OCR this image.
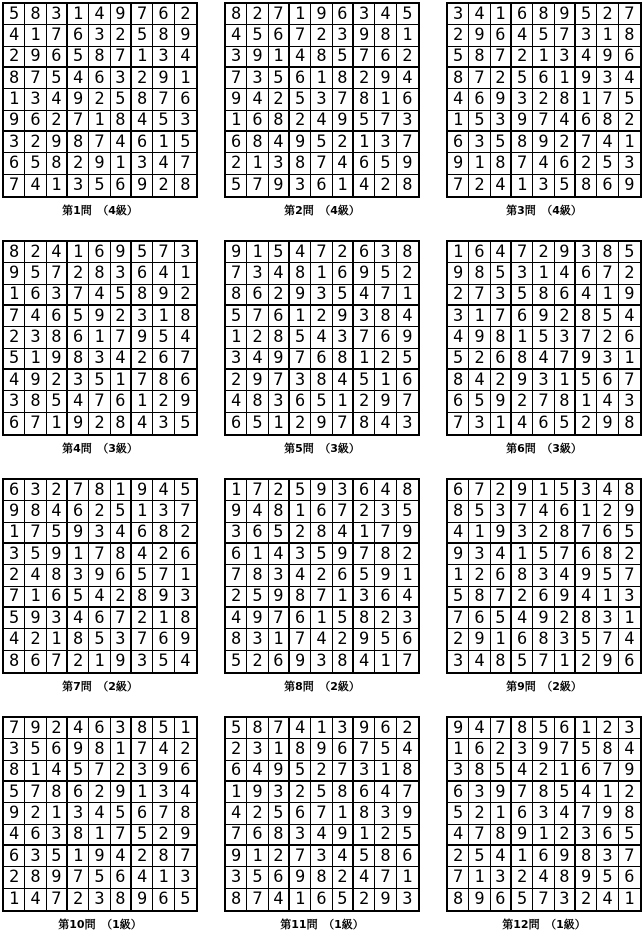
5 8 3 1 4 9 7 6 2
4 1 7 6 3 2 5 8 9
2 9 6 5 8 7 1 3 4
8 7 5 4 6 3 2 9 1
1 3 4 9 2 5 8 7 6
9 6 2 7 1 8 4 5 3
3 2 9 8 7 4 6 1 5
6 5 8 2 9 1 3 4 7
7 4 1 3 5 6 9 2 8
第1問　（4級）
8 2 7 1 9 6 3 4 5
4 5 6 7 2 3 9 8 1
3 9 1 4 8 5 7 6 2
7 3 5 6 1 8 2 9 4
9 4 2 5 3 7 8 1 6
1 6 8 2 4 9 5 7 3
6 8 4 9 5 2 1 3 7
2 1 3 8 7 4 6 5 9
5 7 9 3 6 1 4 2 8
第2問　（4級）
3 4 1 6 8 9 5 2 7
2 9 6 4 5 7 3 1 8
5 8 7 2 1 3 4 9 6
8 7 2 5 6 1 9 3 4
4 6 9 3 2 8 1 7 5
1 5 3 9 7 4 6 8 2
6 3 5 8 9 2 7 4 1
9 1 8 7 4 6 2 5 3
7 2 4 1 3 5 8 6 9
第3問　（4級）
8 2 4 1 6 9 5 7 3
9 5 7 2 8 3 6 4 1
1 6 3 7 4 5 8 9 2
7 4 6 5 9 2 3 1 8
2 3 8 6 1 7 9 5 4
5 1 9 8 3 4 2 6 7
4 9 2 3 5 1 7 8 6
3 8 5 4 7 6 1 2 9
6 7 1 9 2 8 4 3 5
第4問　（3級）
9 1 5 4 7 2 6 3 8
7 3 4 8 1 6 9 5 2
8 6 2 9 3 5 4 7 1
5 7 6 1 2 9 3 8 4
1 2 8 5 4 3 7 6 9
3 4 9 7 6 8 1 2 5
2 9 7 3 8 4 5 1 6
4 8 3 6 5 1 2 9 7
6 5 1 2 9 7 8 4 3
第5問　（3級）
1 6 4 7 2 9 3 8 5
9 8 5 3 1 4 6 7 2
2 7 3 5 8 6 4 1 9
3 1 7 6 9 2 8 5 4
4 9 8 1 5 3 7 2 6
5 2 6 8 4 7 9 3 1
8 4 2 9 3 1 5 6 7
6 5 9 2 7 8 1 4 3
7 3 1 4 6 5 2 9 8
第6問　（3級）
6 3 2 7 8 1 9 4 5
9 8 4 6 2 5 1 3 7
1 7 5 9 3 4 6 8 2
3 5 9 1 7 8 4 2 6
2 4 8 3 9 6 5 7 1
7 1 6 5 4 2 8 9 3
5 9 3 4 6 7 2 1 8
4 2 1 8 5 3 7 6 9
8 6 7 2 1 9 3 5 4
第7問　（2級）
1 7 2 5 9 3 6 4 8
9 4 8 1 6 7 2 3 5
3 6 5 2 8 4 1 7 9
6 1 4 3 5 9 7 8 2
7 8 3 4 2 6 5 9 1
2 5 9 8 7 1 3 6 4
4 9 7 6 1 5 8 2 3
8 3 1 7 4 2 9 5 6
5 2 6 9 3 8 4 1 7
第8問　（2級）
6 7 2 9 1 5 3 4 8
8 5 3 7 4 6 1 2 9
4 1 9 3 2 8 7 6 5
9 3 4 1 5 7 6 8 2
1 2 6 8 3 4 9 5 7
5 8 7 2 6 9 4 1 3
7 6 5 4 9 2 8 3 1
2 9 1 6 8 3 5 7 4
3 4 8 5 7 1 2 9 6
第9問　（2級）
7 9 2 4 6 3 8 5 1
3 5 6 9 8 1 7 4 2
8 1 4 5 7 2 3 9 6
5 7 8 6 2 9 1 3 4
9 2 1 3 4 5 6 7 8
4 6 3 8 1 7 5 2 9
6 3 5 1 9 4 2 8 7
2 8 9 7 5 6 4 1 3
1 4 7 2 3 8 9 6 5
第10問　（1級）
5 8 7 4 1 3 9 6 2
2 3 1 8 9 6 7 5 4
6 4 9 5 2 7 3 1 8
1 9 3 2 5 8 6 4 7
4 2 5 6 7 1 8 3 9
7 6 8 3 4 9 1 2 5
9 1 2 7 3 4 5 8 6
3 5 6 9 8 2 4 7 1
8 7 4 1 6 5 2 9 3
第11問　（1級）
9 4 7 8 5 6 1 2 3
1 6 2 3 9 7 5 8 4
3 8 5 4 2 1 6 7 9
6 3 9 7 8 5 4 1 2
5 2 1 6 3 4 7 9 8
4 7 8 9 1 2 3 6 5
2 5 4 1 6 9 8 3 7
7 1 3 2 4 8 9 5 6
8 9 6 5 7 3 2 4 1
第12問　（1級）
